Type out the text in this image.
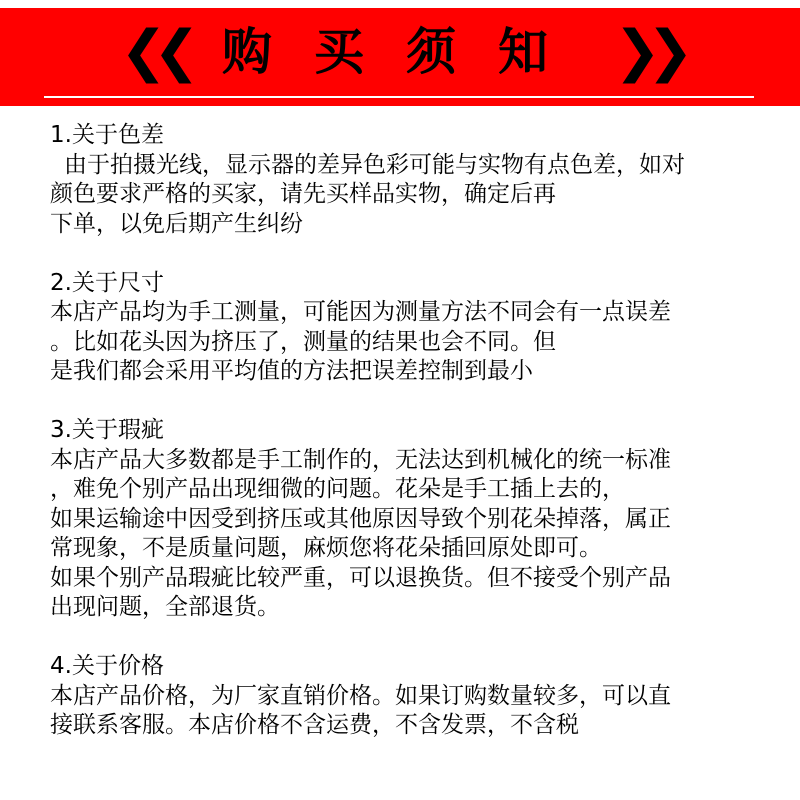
❮❮ 购买须知 ❯❯
1.关于色差
由于拍摄光线，显示器的差异色彩可能与实物有点色差，如对
颜色要求严格的买家，请先买样品实物，确定后再
下单，以免后期产生纠纷
2.关于尺寸
本店产品均为手工测量，可能因为测量方法不同会有一点误差
。比如花头因为挤压了，测量的结果也会不同。但
是我们都会采用平均值的方法把误差控制到最小
3.关于瑕疵
本店产品大多数都是手工制作的，无法达到机械化的统一标准
，难免个别产品出现细微的问题。花朵是手工插上去的，
如果运输途中因受到挤压或其他原因导致个别花朵掉落，属正
常现象，不是质量问题，麻烦您将花朵插回原处即可。
如果个别产品瑕疵比较严重，可以退换货。但不接受个别产品
出现问题，全部退货。
4.关于价格
本店产品价格，为厂家直销价格。如果订购数量较多，可以直
接联系客服。本店价格不含运费，不含发票，不含税
